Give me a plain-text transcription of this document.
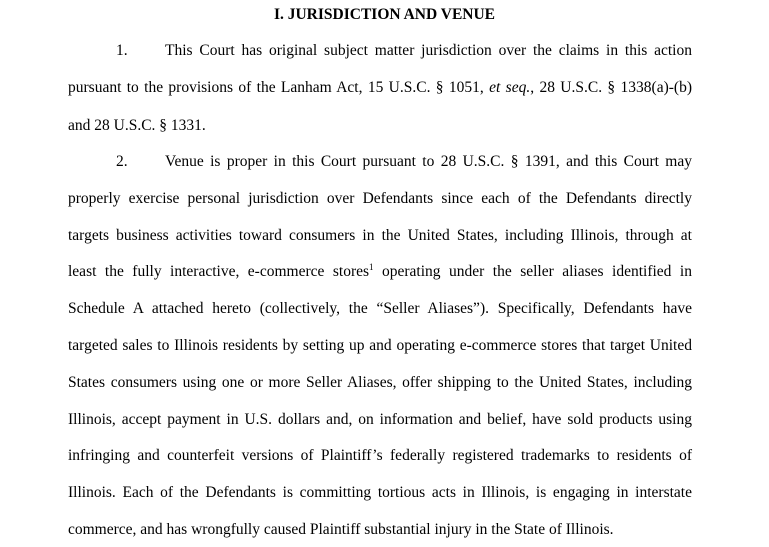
I. JURISDICTION AND VENUE
1.	This Court has original subject matter jurisdiction over the claims in this action
pursuant to the provisions of the Lanham Act, 15 U.S.C. § 1051, et seq., 28 U.S.C. § 1338(a)-(b)
and 28 U.S.C. § 1331.
2.	Venue is proper in this Court pursuant to 28 U.S.C. § 1391, and this Court may
properly exercise personal jurisdiction over Defendants since each of the Defendants directly
targets business activities toward consumers in the United States, including Illinois, through at
least the fully interactive, e-commerce stores$^1$ operating under the seller aliases identified in
Schedule A attached hereto (collectively, the “Seller Aliases”). Specifically, Defendants have
targeted sales to Illinois residents by setting up and operating e-commerce stores that target United
States consumers using one or more Seller Aliases, offer shipping to the United States, including
Illinois, accept payment in U.S. dollars and, on information and belief, have sold products using
infringing and counterfeit versions of Plaintiff’s federally registered trademarks to residents of
Illinois. Each of the Defendants is committing tortious acts in Illinois, is engaging in interstate
commerce, and has wrongfully caused Plaintiff substantial injury in the State of Illinois.
